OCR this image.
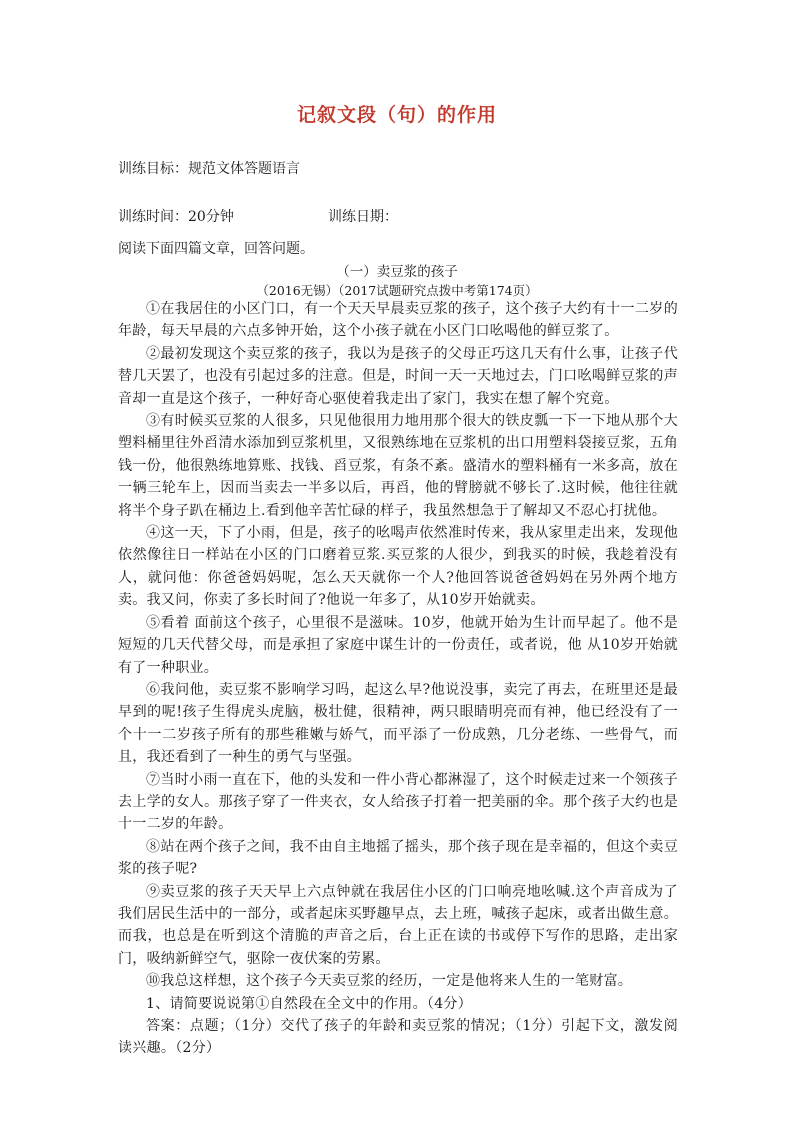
记叙文段（句）的作用
训练目标：规范文体答题语言
训练时间：20分钟	训练日期：
阅读下面四篇文章，回答问题。
（一）卖豆浆的孩子
（2016无锡）（2017试题研究点拨中考第174页）

①在我居住的小区门口，有一个天天早晨卖豆浆的孩子，这个孩子大约有十一二岁的年龄，每天早晨的六点多钟开始，这个小孩子就在小区门口吆喝他的鲜豆浆了。

②最初发现这个卖豆浆的孩子，我以为是孩子的父母正巧这几天有什么事，让孩子代替几天罢了，也没有引起过多的注意。但是，时间一天一天地过去，门口吆喝鲜豆浆的声音却一直是这个孩子，一种好奇心驱使着我走出了家门，我实在想了解个究竟。

③有时候买豆浆的人很多，只见他很用力地用那个很大的铁皮瓢一下一下地从那个大塑料桶里往外舀清水添加到豆浆机里，又很熟练地在豆浆机的出口用塑料袋接豆浆，五角钱一份，他很熟练地算账、找钱、舀豆浆，有条不紊。盛清水的塑料桶有一米多高，放在一辆三轮车上，因而当卖去一半多以后，再舀，他的臂膀就不够长了.这时候，他往往就将半个身子趴在桶边上.看到他辛苦忙碌的样子，我虽然想急于了解却又不忍心打扰他。

④这一天，下了小雨，但是，孩子的吆喝声依然准时传来，我从家里走出来，发现他依然像往日一样站在小区的门口磨着豆浆.买豆浆的人很少，到我买的时候，我趁着没有人，就问他：你爸爸妈妈呢，怎么天天就你一个人?他回答说爸爸妈妈在另外两个地方卖。我又问，你卖了多长时间了?他说一年多了，从10岁开始就卖。

⑤看着 面前这个孩子，心里很不是滋味。10岁，他就开始为生计而早起了。他不是短短的几天代替父母，而是承担了家庭中谋生计的一份责任，或者说，他 从10岁开始就有了一种职业。

⑥我问他，卖豆浆不影响学习吗，起这么早?他说没事，卖完了再去，在班里还是最早到的呢!孩子生得虎头虎脑，极壮健，很精神，两只眼睛明亮而有神，他已经没有了一个十一二岁孩子所有的那些稚嫩与娇气，而平添了一份成熟，几分老练、一些骨气，而且，我还看到了一种生的勇气与坚强。

⑦当时小雨一直在下，他的头发和一件小背心都淋湿了，这个时候走过来一个领孩子去上学的女人。那孩子穿了一件夹衣，女人给孩子打着一把美丽的伞。那个孩子大约也是十一二岁的年龄。

⑧站在两个孩子之间，我不由自主地摇了摇头，那个孩子现在是幸福的，但这个卖豆浆的孩子呢?

⑨卖豆浆的孩子天天早上六点钟就在我居住小区的门口响亮地吆喊.这个声音成为了我们居民生活中的一部分，或者起床买野趣早点，去上班，喊孩子起床，或者出做生意。而我，也总是在听到这个清脆的声音之后，台上正在读的书或停下写作的思路，走出家门，吸纳新鲜空气，驱除一夜伏案的劳累。

⑩我总这样想，这个孩子今天卖豆浆的经历，一定是他将来人生的一笔财富。

1、请简要说说第①自然段在全文中的作用。（4分）

答案：点题；（1分）交代了孩子的年龄和卖豆浆的情况；（1分）引起下文，激发阅读兴趣。（2分）
